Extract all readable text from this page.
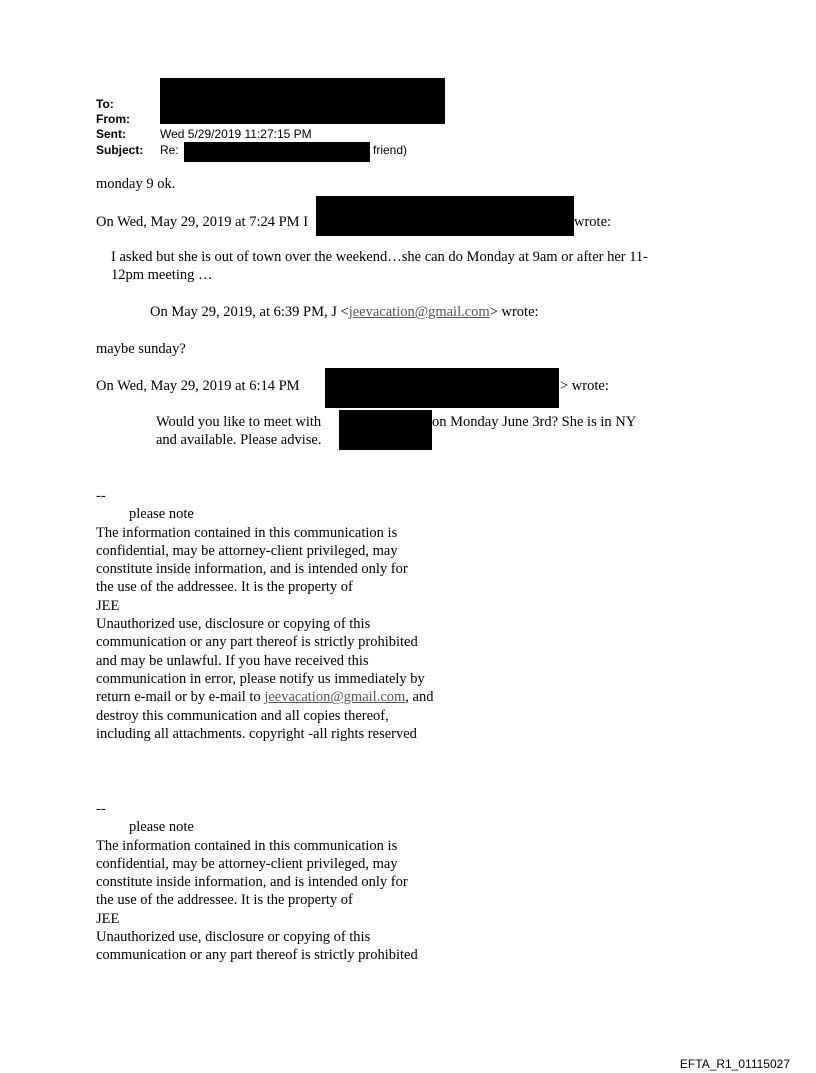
To:
From:
Sent:	Wed 5/29/2019 11:27:15 PM
Subject: Re:	friend)
monday 9 ok.
On Wed, May 29, 2019 at 7:24 PM I	wrote:
I asked but she is out of town over the weekend…she can do Monday at 9am or after her 11-
12pm meeting …
On May 29, 2019, at 6:39 PM, J <jeevacation@gmail.com> wrote:
maybe sunday?
On Wed, May 29, 2019 at 6:14 PM	> wrote:
Would you like to meet with	on Monday June 3rd? She is in NY
and available. Please advise.
--
please note
The information contained in this communication is
confidential, may be attorney-client privileged, may
constitute inside information, and is intended only for
the use of the addressee. It is the property of
JEE
Unauthorized use, disclosure or copying of this
communication or any part thereof is strictly prohibited
and may be unlawful. If you have received this
communication in error, please notify us immediately by
return e-mail or by e-mail to jeevacation@gmail.com, and
destroy this communication and all copies thereof,
including all attachments. copyright -all rights reserved
--
please note
The information contained in this communication is
confidential, may be attorney-client privileged, may
constitute inside information, and is intended only for
the use of the addressee. It is the property of
JEE
Unauthorized use, disclosure or copying of this
communication or any part thereof is strictly prohibited
EFTA_R1_01115027
